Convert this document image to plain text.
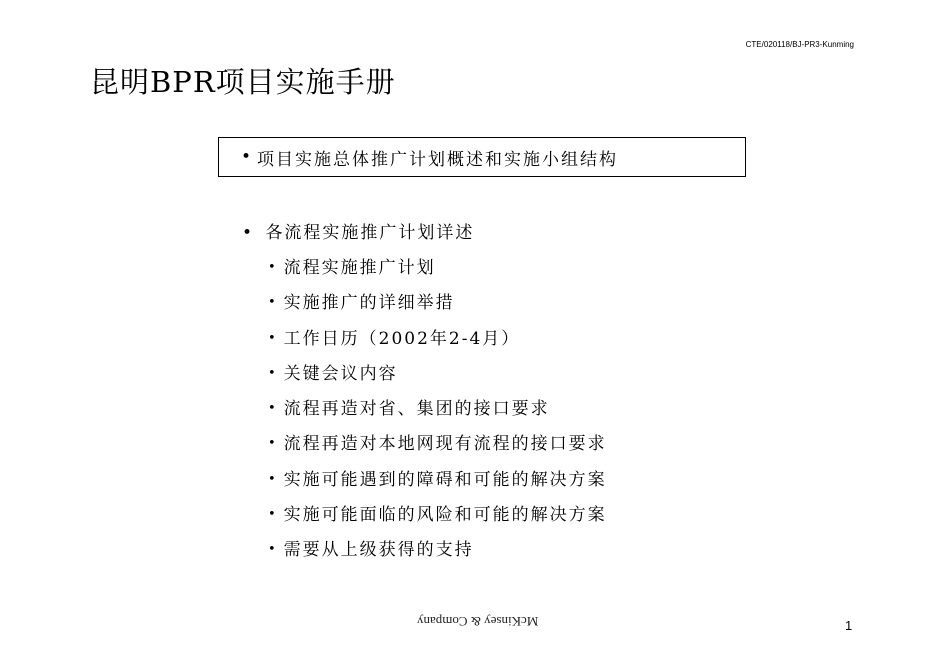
CTE/020118/BJ-PR3-Kunming
昆明BPR项目实施手册
• 项目实施总体推广计划概述和实施小组结构
• 各流程实施推广计划详述
• 流程实施推广计划
• 实施推广的详细举措
• 工作日历（2002年2-4月）
• 关键会议内容
• 流程再造对省、集团的接口要求
• 流程再造对本地网现有流程的接口要求
• 实施可能遇到的障碍和可能的解决方案
• 实施可能面临的风险和可能的解决方案
• 需要从上级获得的支持
McKinsey & Company	1
